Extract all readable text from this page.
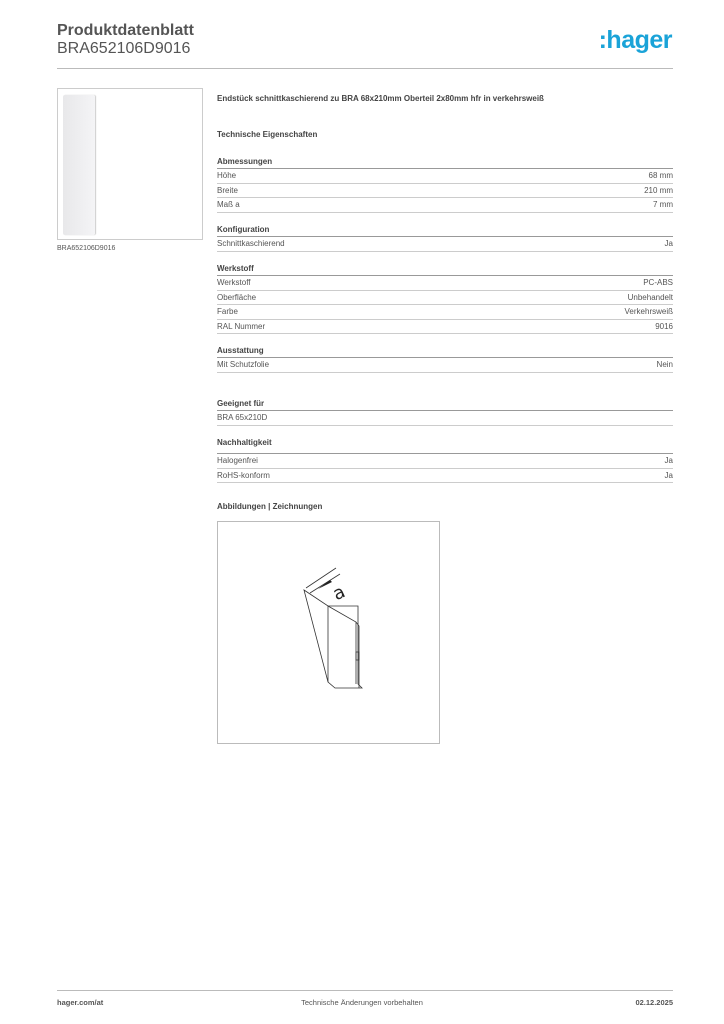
Produktdatenblatt
BRA652106D9016	:hager
BRA652106D9016
Endstück schnittkaschierend zu BRA 68x210mm Oberteil 2x80mm hfr in verkehrsweiß
Technische Eigenschaften
Abmessungen
Höhe	68 mm
Breite	210 mm
Maß a	7 mm
Konfiguration
Schnittkaschierend	Ja
Werkstoff
Werkstoff	PC-ABS
Oberfläche	Unbehandelt
Farbe	Verkehrsweiß
RAL Nummer	9016
Ausstattung
Mit Schutzfolie	Nein
Geeignet für
BRA 65x210D
Nachhaltigkeit
Halogenfrei	Ja
RoHS-konform	Ja
Abbildungen | Zeichnungen
a
hager.com/at	Technische Änderungen vorbehalten	02.12.2025
